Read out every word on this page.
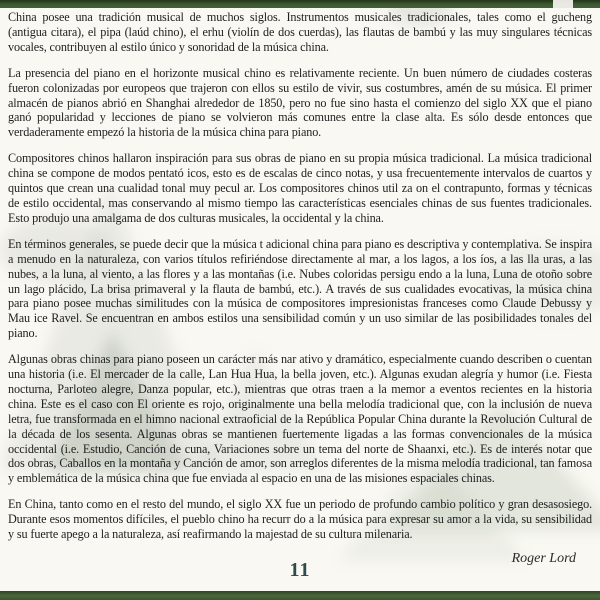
China posee una tradición musical de muchos siglos. Instrumentos musicales tradicionales, tales como el gucheng (antigua citara), el pipa (laúd chino), el erhu (violín de dos cuerdas), las flautas de bambú y las muy singulares técnicas vocales, contribuyen al estilo único y sonoridad de la música china.

La presencia del piano en el horizonte musical chino es relativamente reciente. Un buen número de ciudades costeras fueron colonizadas por europeos que trajeron con ellos su estilo de vivir, sus costumbres, amén de su música. El primer almacén de pianos abrió en Shanghai alrededor de 1850, pero no fue sino hasta el comienzo del siglo XX que el piano ganó popularidad y lecciones de piano se volvieron más comunes entre la clase alta. Es sólo desde entonces que verdaderamente empezó la historia de la música china para piano.

Compositores chinos hallaron inspiración para sus obras de piano en su propia música tradicional. La música tradicional china se compone de modos pentató icos, esto es de escalas de cinco notas, y usa frecuentemente intervalos de cuartos y quintos que crean una cualidad tonal muy pecul ar. Los compositores chinos util za on el contrapunto, formas y técnicas de estilo occidental, mas conservando al mismo tiempo las características esenciales chinas de sus fuentes tradicionales. Esto produjo una amalgama de dos culturas musicales, la occidental y la china.

En términos generales, se puede decir que la música t adicional china para piano es descriptiva y contemplativa. Se inspira a menudo en la naturaleza, con varios títulos refiriéndose directamente al mar, a los lagos, a los íos, a las lla uras, a las nubes, a la luna, al viento, a las flores y a las montañas (i.e. Nubes coloridas persigu endo a la luna, Luna de otoño sobre un lago plácido, La brisa primaveral y la flauta de bambú, etc.). A través de sus cualidades evocativas, la música china para piano posee muchas similitudes con la música de compositores impresionistas franceses como Claude Debussy y Mau ice Ravel. Se encuentran en ambos estilos una sensibilidad común y un uso similar de las posibilidades tonales del piano.

Algunas obras chinas para piano poseen un carácter más nar ativo y dramático, especialmente cuando describen o cuentan una historia (i.e. El mercader de la calle, Lan Hua Hua, la bella joven, etc.). Algunas exudan alegría y humor (i.e. Fiesta nocturna, Parloteo alegre, Danza popular, etc.), mientras que otras traen a la memor a eventos recientes en la historia china. Este es el caso con El oriente es rojo, originalmente una bella melodía tradicional que, con la inclusión de nueva letra, fue transformada en el himno nacional extraoficial de la República Popular China durante la Revolución Cultural de la década de los sesenta. Algunas obras se mantienen fuertemente ligadas a las formas convencionales de la música occidental (i.e. Estudio, Canción de cuna, Variaciones sobre un tema del norte de Shaanxi, etc.). Es de interés notar que dos obras, Caballos en la montaña y Canción de amor, son arreglos diferentes de la misma melodía tradicional, tan famosa y emblemática de la música china que fue enviada al espacio en una de las misiones espaciales chinas.

En China, tanto como en el resto del mundo, el siglo XX fue un periodo de profundo cambio político y gran desasosiego. Durante esos momentos difíciles, el pueblo chino ha recurr do a la música para expresar su amor a la vida, su sensibilidad y su fuerte apego a la naturaleza, así reafirmando la majestad de su cultura milenaria.

Roger Lord
11
